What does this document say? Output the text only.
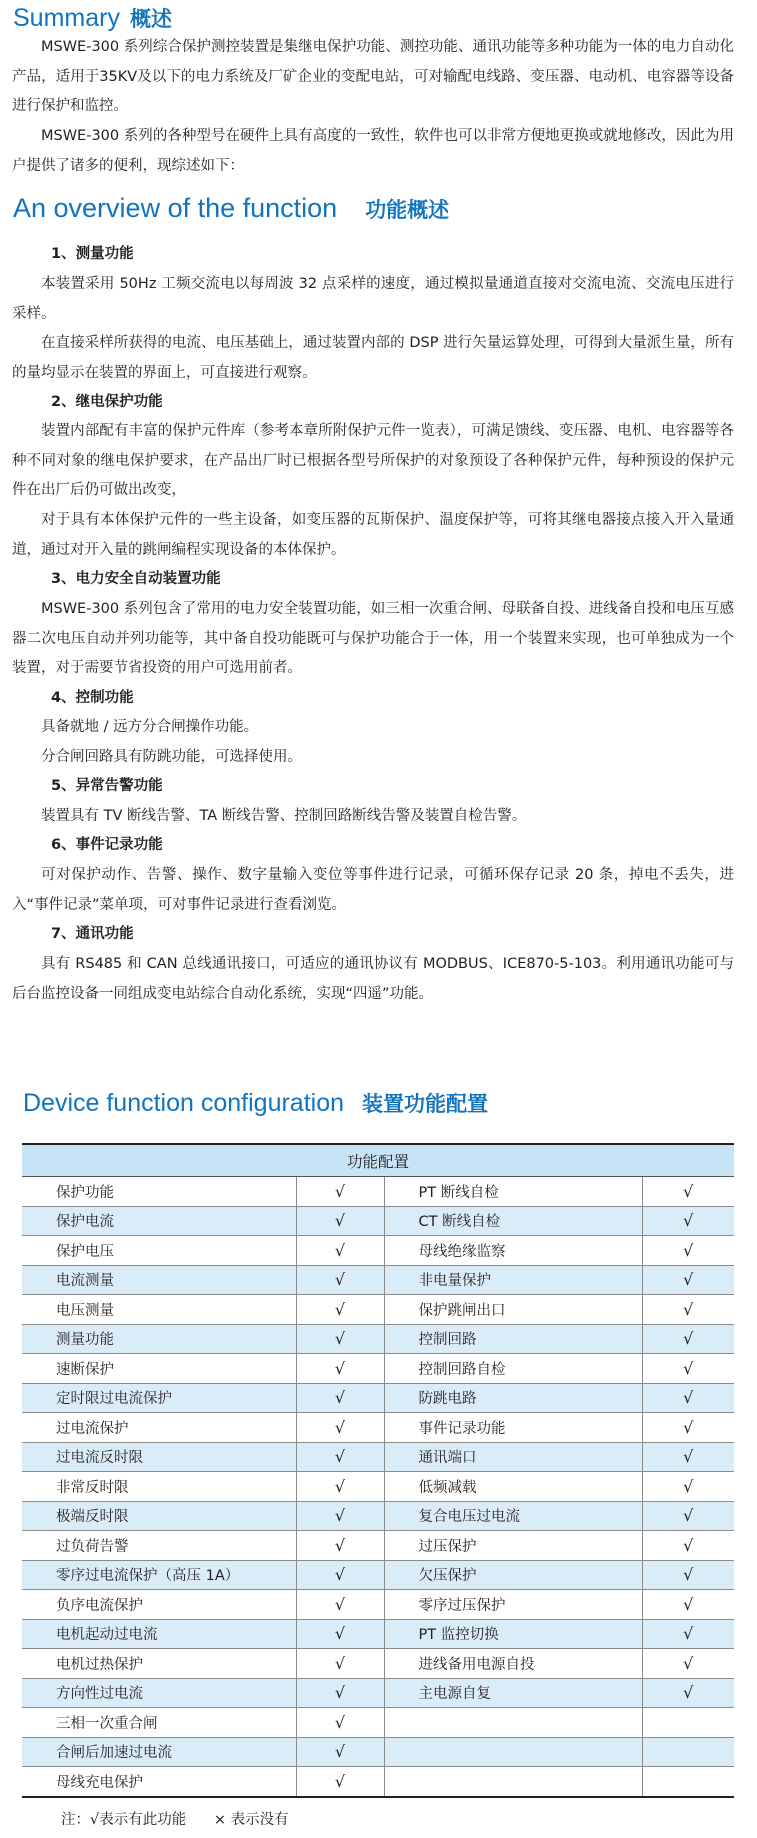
Summary 概述
MSWE-300 系列综合保护测控装置是集继电保护功能、测控功能、通讯功能等多种功能为一体的电力自动化产品，适用于35KV及以下的电力系统及厂矿企业的变配电站，可对输配电线路、变压器、电动机、电容器等设备进行保护和监控。
MSWE-300 系列的各种型号在硬件上具有高度的一致性，软件也可以非常方便地更换或就地修改，因此为用户提供了诸多的便利，现综述如下：
An overview of the function 功能概述
1、测量功能
本装置采用 50Hz 工频交流电以每周波 32 点采样的速度，通过模拟量通道直接对交流电流、交流电压进行采样。
在直接采样所获得的电流、电压基础上，通过装置内部的 DSP 进行矢量运算处理，可得到大量派生量，所有的量均显示在装置的界面上，可直接进行观察。
2、继电保护功能
装置内部配有丰富的保护元件库（参考本章所附保护元件一览表），可满足馈线、变压器、电机、电容器等各种不同对象的继电保护要求，在产品出厂时已根据各型号所保护的对象预设了各种保护元件，每种预设的保护元件在出厂后仍可做出改变，
对于具有本体保护元件的一些主设备，如变压器的瓦斯保护、温度保护等，可将其继电器接点接入开入量通道，通过对开入量的跳闸编程实现设备的本体保护。
3、电力安全自动装置功能
MSWE-300 系列包含了常用的电力安全装置功能，如三相一次重合闸、母联备自投、进线备自投和电压互感器二次电压自动并列功能等，其中备自投功能既可与保护功能合于一体，用一个装置来实现，也可单独成为一个装置，对于需要节省投资的用户可选用前者。
4、控制功能
具备就地 / 远方分合闸操作功能。
分合闸回路具有防跳功能，可选择使用。
5、异常告警功能
装置具有 TV 断线告警、TA 断线告警、控制回路断线告警及装置自检告警。
6、事件记录功能
可对保护动作、告警、操作、数字量输入变位等事件进行记录，可循环保存记录 20 条，掉电不丢失，进入“事件记录”菜单项，可对事件记录进行查看浏览。
7、通讯功能
具有 RS485 和 CAN 总线通讯接口，可适应的通讯协议有 MODBUS、ICE870-5-103。利用通讯功能可与后台监控设备一同组成变电站综合自动化系统，实现“四遥”功能。
Device function configuration 装置功能配置
功能配置			
保护功能	√	PT 断线自检	√
保护电流	√	CT 断线自检	√
保护电压	√	母线绝缘监察	√
电流测量	√	非电量保护	√
电压测量	√	保护跳闸出口	√
测量功能	√	控制回路	√
速断保护	√	控制回路自检	√
定时限过电流保护	√	防跳电路	√
过电流保护	√	事件记录功能	√
过电流反时限	√	通讯端口	√
非常反时限	√	低频减载	√
极端反时限	√	复合电压过电流	√
过负荷告警	√	过压保护	√
零序过电流保护（高压 1A）	√	欠压保护	√
负序电流保护	√	零序过压保护	√
电机起动过电流	√	PT 监控切换	√
电机过热保护	√	进线备用电源自投	√
方向性过电流	√	主电源自复	√
三相一次重合闸	√		
合闸后加速过电流	√		
母线充电保护	√		
注：√表示有此功能      × 表示没有
